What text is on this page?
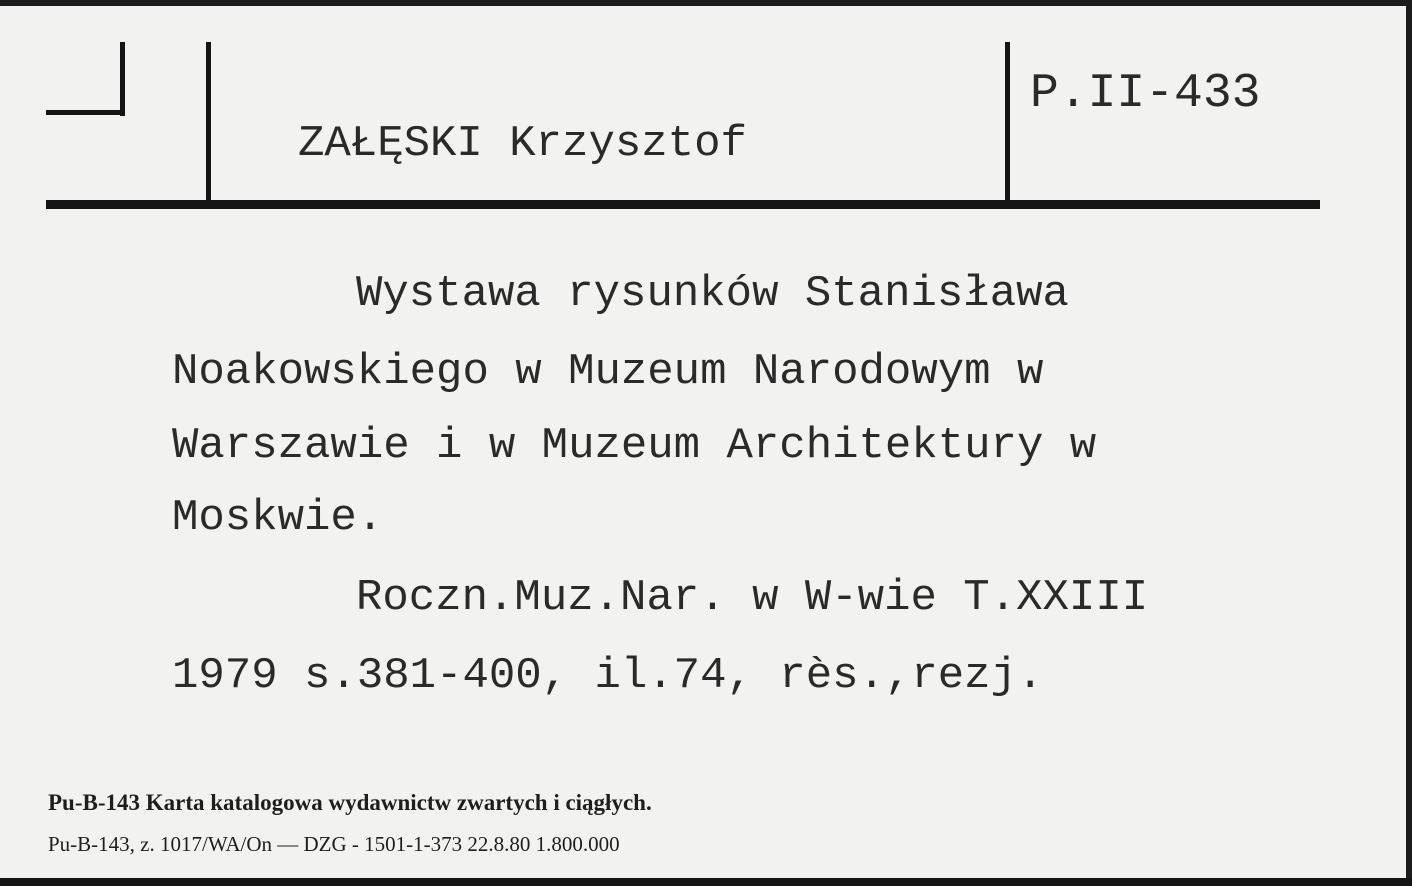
ZAŁĘSKI Krzysztof
P.II-433
Wystawa rysunków Stanisława
Noakowskiego w Muzeum Narodowym w
Warszawie i w Muzeum Architektury w
Moskwie.
Roczn.Muz.Nar. w W-wie T.XXIII
1979 s.381-400, il.74, rès.,rezj.
Pu-B-143 Karta katalogowa wydawnictw zwartych i ciągłych.
Pu-B-143, z. 1017/WA/On — DZG - 1501-1-373 22.8.80 1.800.000
